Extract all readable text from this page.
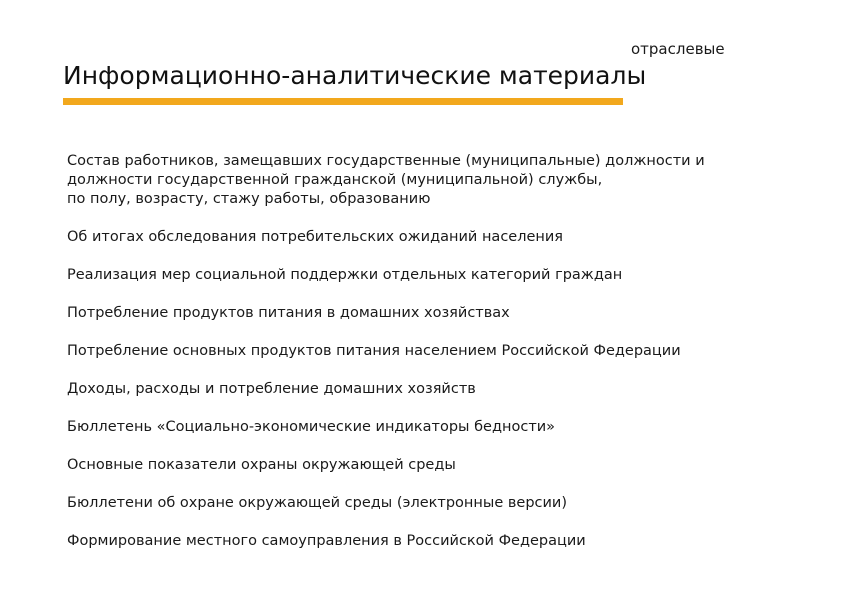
отраслевые
Информационно-аналитические материалы
Состав работников, замещавших государственные (муниципальные) должности и
должности государственной гражданской (муниципальной) службы,
по полу, возрасту, стажу работы, образованию
Об итогах обследования потребительских ожиданий населения
Реализация мер социальной поддержки отдельных категорий граждан
Потребление продуктов питания в домашних хозяйствах
Потребление основных продуктов питания населением Российской Федерации
Доходы, расходы и потребление домашних хозяйств
Бюллетень «Социально-экономические индикаторы бедности»
Основные показатели охраны окружающей среды
Бюллетени об охране окружающей среды (электронные версии)
Формирование местного самоуправления в Российской Федерации
